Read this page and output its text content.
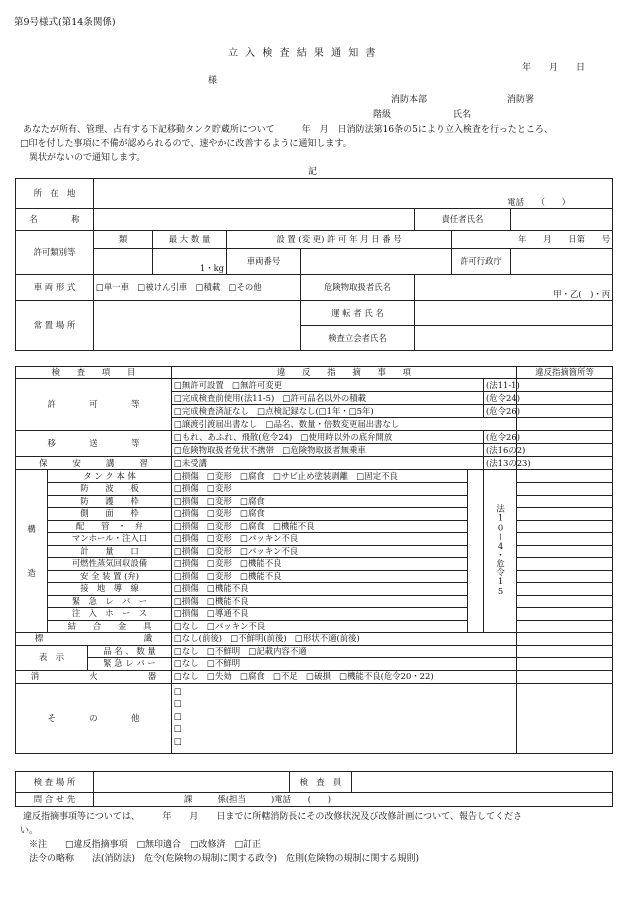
第9号様式(第14条関係)
立 入 検 査 結 果 通 知 書
年　　月　　日
様
消防本部	消防署
階級	氏名
　あなたが所有、管理、占有する下記移動タンク貯蔵所について　　　年　月　日消防法第16条の5により立入検査を行ったところ、
□印を付した事項に不備が認められるので、速やかに改善するように通知します。
　異状がないので通知します。
記
所　在　地	電話　　（　　）						

名　　　　称					責任者氏名		
許可類別等	類	最 大 数 量	設 置 (変 更) 許 可 年 月 日 番 号			年　　月　　日第　　号	
		1・kg	車両番号			許可行政庁	
車 両 形 式	□単一車　□被けん引車　□積載　□その他			危険物取扱者氏名	甲・乙(　)・丙		
常 置 場 所				運 転 者 氏 名			
				検査立会者氏名			
検　　査　　項　　目			違　　反　　指　　摘　　事　　項			違反指摘箇所等
許　　　　可　　　　等			□無許可設置　□無許可変更		(法11-1)	
			□完成検査前使用(法11-5)　□許可品名以外の積載		(危令24)	
			□完成検査済証なし　□点検記録なし(□1年・□5年)		(危令26)	
			□譲渡引渡届出書なし　□品名、数量・倍数変更届出書なし			
移　　　　送　　　　等			□もれ、あふれ、飛散(危令24)　□使用時以外の底弁開放		(危令26)	
			□危険物取扱者免状不携帯　□危険物取扱者無乗車		(法16の2)	
保　　　安　　　講　　　習			□未受講		(法13の23)	
構
造	タ ン ク 本 体		□損傷　□変形　□腐食　□サビ止め塗装剥離　□固定不良		法10ー4・危令15	
	防　　波　　板		□損傷　□変形			
	防　　護　　枠		□損傷　□変形　□腐食			
	側　　面　　枠		□損傷　□変形　□腐食			
	配　　管　・　弁		□損傷　□変形　□腐食　□機能不良			
	マンホール・注入口		□損傷　□変形　□パッキン不良			
	計　　量　　口		□損傷　□変形　□パッキン不良			
	可燃性蒸気回収設備		□損傷　□変形　□機能不良			
	安 全 装 置 (弁)		□損傷　□変形　□機能不良			
	接　地　導　線		□損傷　□機能不良			
	緊　急　レ　バ　ー		□損傷　□機能不良			
	注　入　ホ　ー　ス		□損傷　□導通不良			
	結　　合　　金　　具		□なし　□パッキン不良			
標　　　　　　　　　　　　識			□なし(前後)　□不鮮明(前後)　□形状不適(前後)			
表　示		品 名 、 数 量	□なし　□不鮮明　□記載内容不適			
		緊 急 レ バ ー	□なし　□不鮮明			
消　　　　　　火　　　　　　器			□なし　□失効　□腐食　□不足　□破損　□機能不良(危令20・22)			
そ　　　　の　　　　他			□
□
□
□
□			

検 査 場 所		検　査　員	
問 合 せ 先	課　　　係(担当　　　)電話　　(　　)		
　違反指摘事項等については、　　　年　　月　　日までに所轄消防長にその改修状況及び改修計画について、報告してくださ
い。
　※注　　□違反指摘事項　□無印適合　□改修済　□訂正
　法令の略称　　法(消防法)　危令(危険物の規制に関する政令)　危則(危険物の規制に関する規則)
